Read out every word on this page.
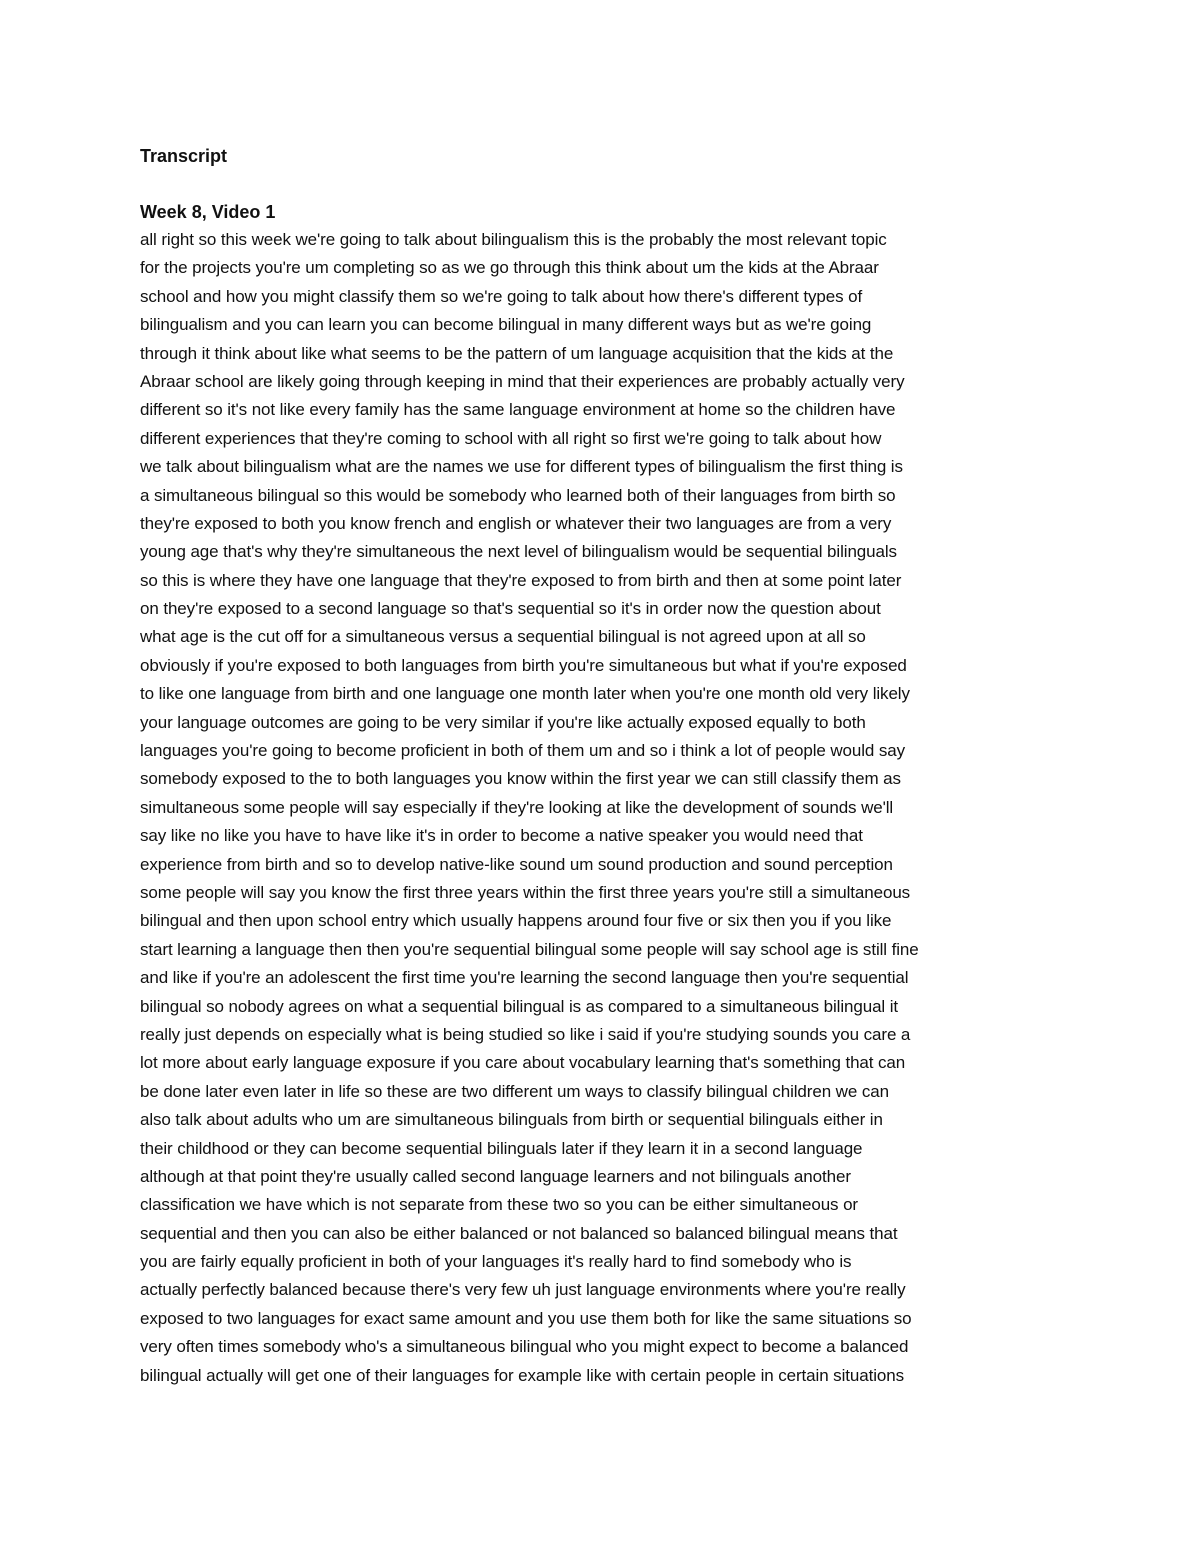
Transcript
Week 8, Video 1
all right so this week we're going to talk about bilingualism this is the probably the most relevant topic
for the projects you're um completing so as we go through this think about um the kids at the Abraar
school and how you might classify them so we're going to talk about how there's different types of
bilingualism and you can learn you can become bilingual in many different ways but as we're going
through it think about like what seems to be the pattern of um language acquisition that the kids at the
Abraar school are likely going through keeping in mind that their experiences are probably actually very
different so it's not like every family has the same language environment at home so the children have
different experiences that they're coming to school with all right so first we're going to talk about how
we talk about bilingualism what are the names we use for different types of bilingualism the first thing is
a simultaneous bilingual so this would be somebody who learned both of their languages from birth so
they're exposed to both you know french and english or whatever their two languages are from a very
young age that's why they're simultaneous the next level of bilingualism would be sequential bilinguals
so this is where they have one language that they're exposed to from birth and then at some point later
on they're exposed to a second language so that's sequential so it's in order now the question about
what age is the cut off for a simultaneous versus a sequential bilingual is not agreed upon at all so
obviously if you're exposed to both languages from birth you're simultaneous but what if you're exposed
to like one language from birth and one language one month later when you're one month old very likely
your language outcomes are going to be very similar if you're like actually exposed equally to both
languages you're going to become proficient in both of them um and so i think a lot of people would say
somebody exposed to the to both languages you know within the first year we can still classify them as
simultaneous some people will say especially if they're looking at like the development of sounds we'll
say like no like you have to have like it's in order to become a native speaker you would need that
experience from birth and so to develop native-like sound um sound production and sound perception
some people will say you know the first three years within the first three years you're still a simultaneous
bilingual and then upon school entry which usually happens around four five or six then you if you like
start learning a language then then you're sequential bilingual some people will say school age is still fine
and like if you're an adolescent the first time you're learning the second language then you're sequential
bilingual so nobody agrees on what a sequential bilingual is as compared to a simultaneous bilingual it
really just depends on especially what is being studied so like i said if you're studying sounds you care a
lot more about early language exposure if you care about vocabulary learning that's something that can
be done later even later in life so these are two different um ways to classify bilingual children we can
also talk about adults who um are simultaneous bilinguals from birth or sequential bilinguals either in
their childhood or they can become sequential bilinguals later if they learn it in a second language
although at that point they're usually called second language learners and not bilinguals another
classification we have which is not separate from these two so you can be either simultaneous or
sequential and then you can also be either balanced or not balanced so balanced bilingual means that
you are fairly equally proficient in both of your languages it's really hard to find somebody who is
actually perfectly balanced because there's very few uh just language environments where you're really
exposed to two languages for exact same amount and you use them both for like the same situations so
very often times somebody who's a simultaneous bilingual who you might expect to become a balanced
bilingual actually will get one of their languages for example like with certain people in certain situations
